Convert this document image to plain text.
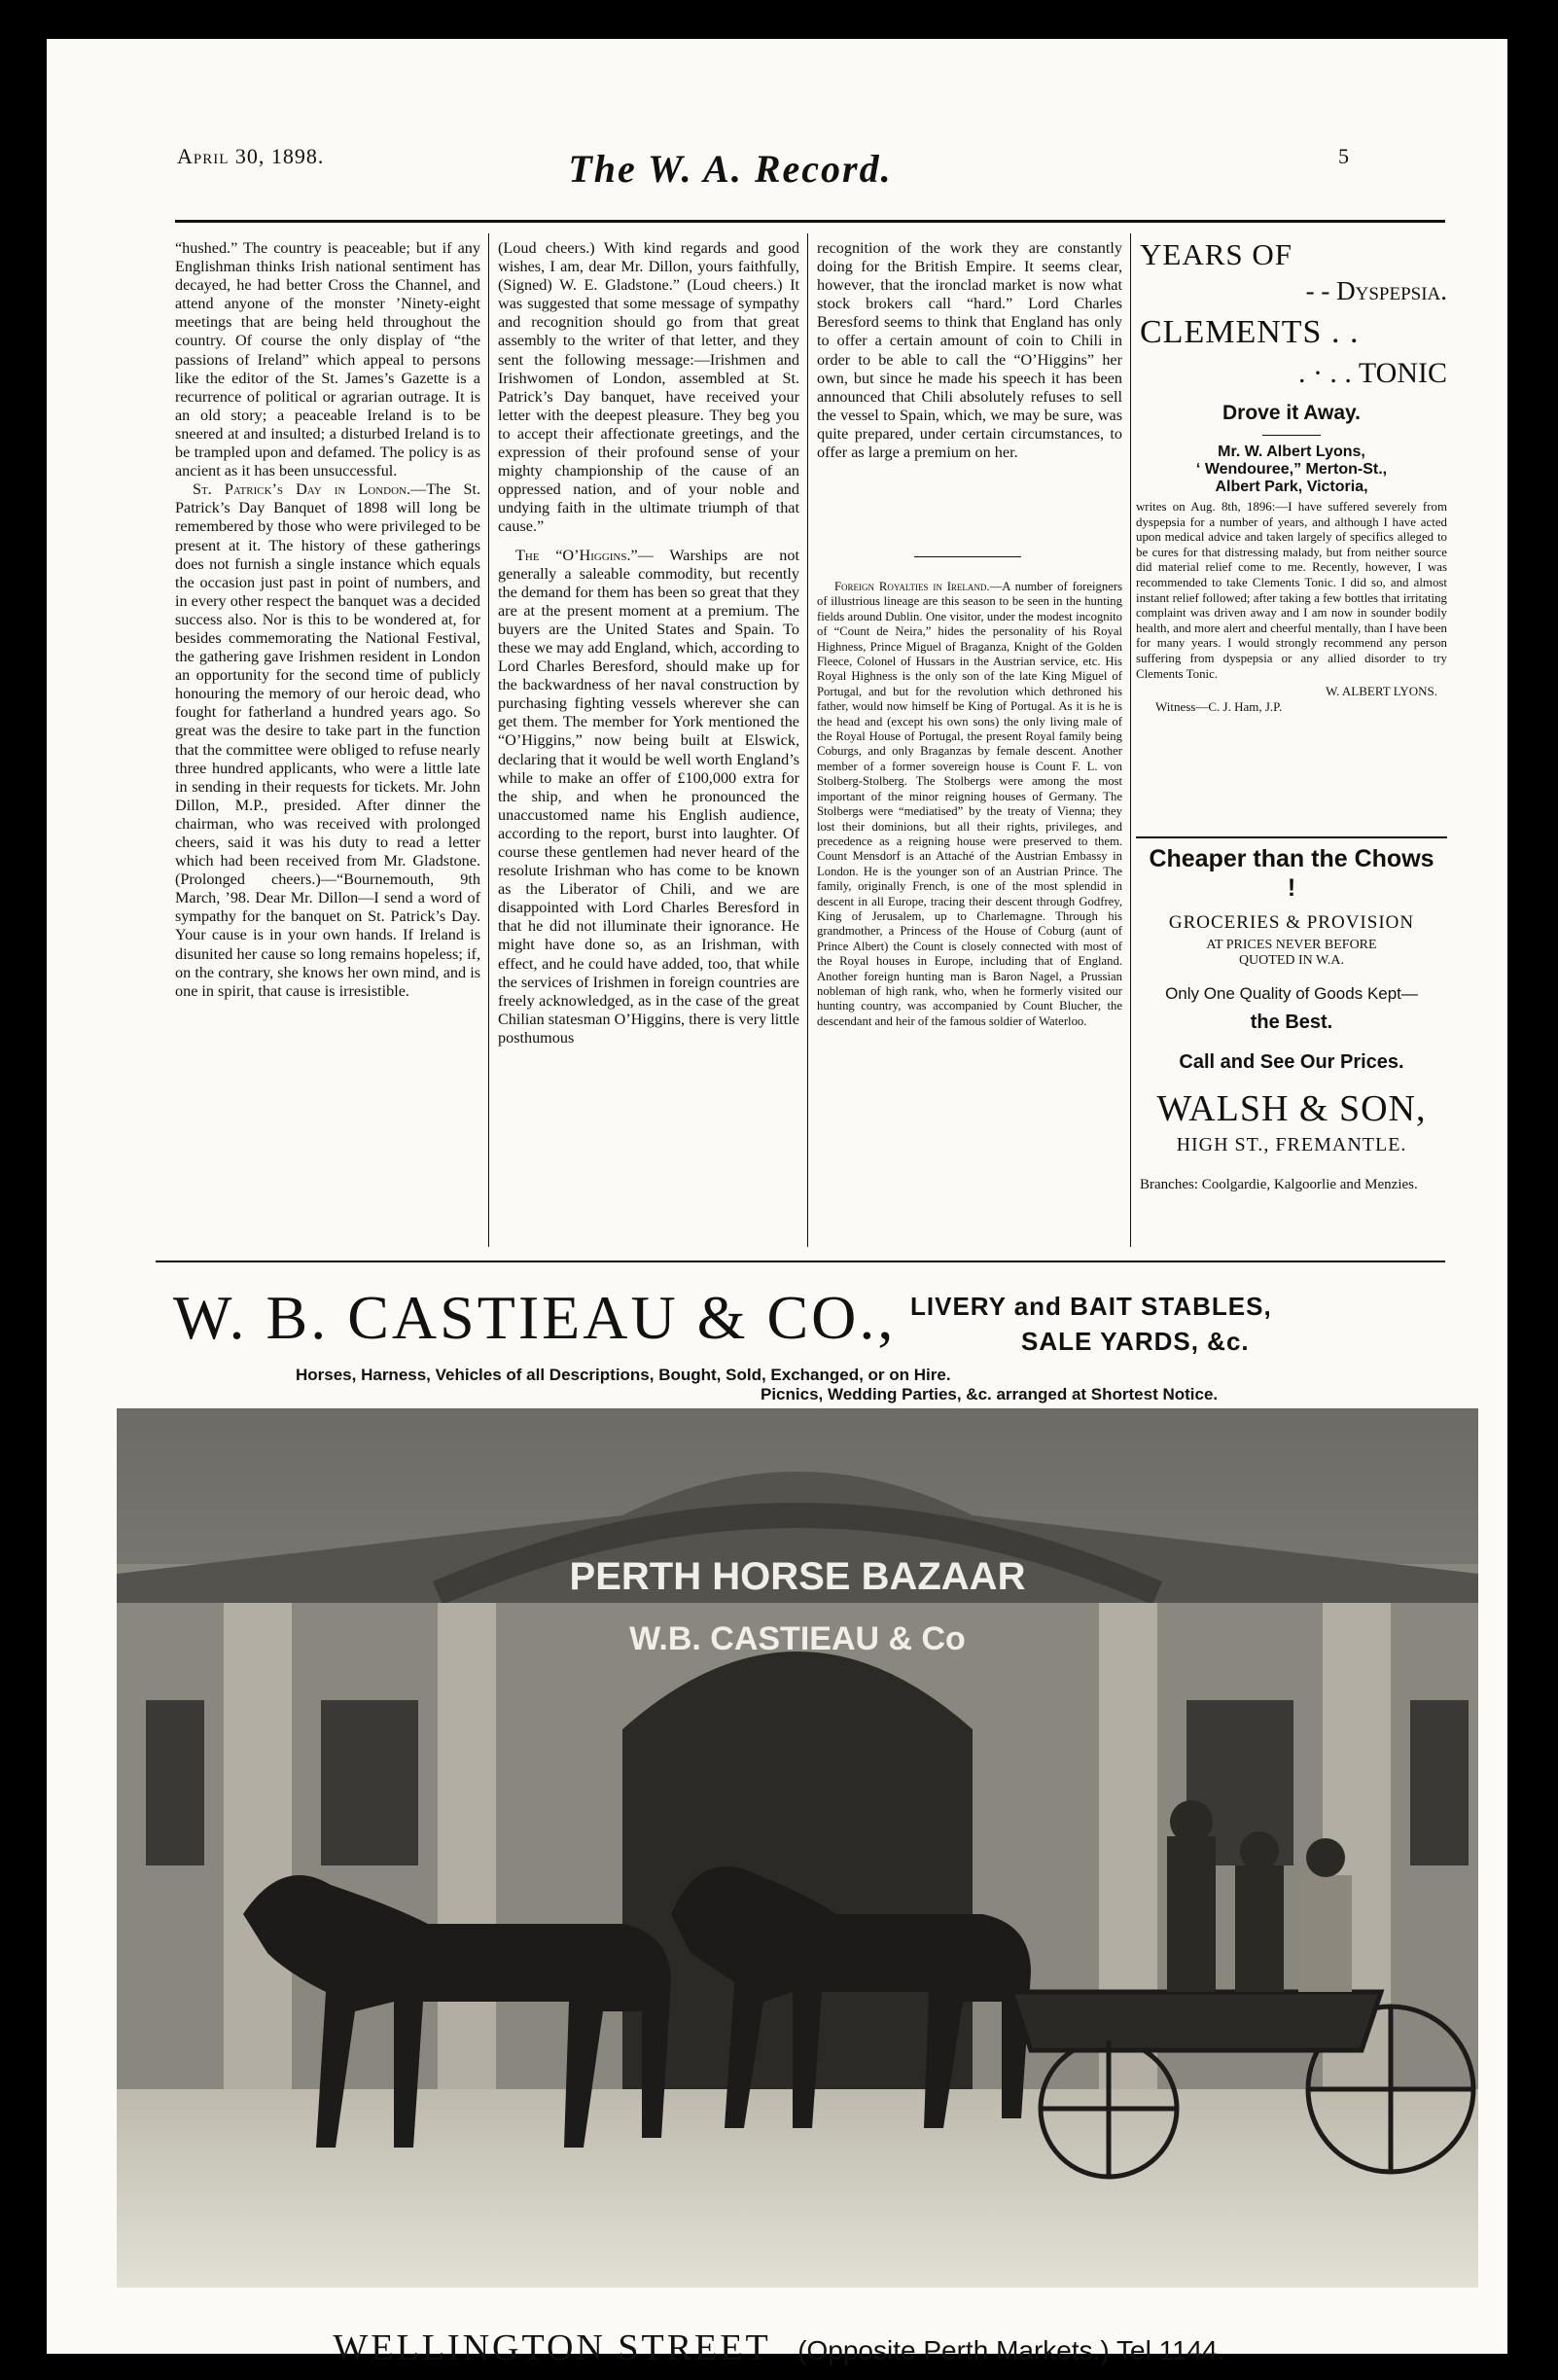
April 30, 1898.	The W. A. Record.	5

“hushed.” The country is peaceable; but if any Englishman thinks Irish national sentiment has decayed, he had better Cross the Channel, and attend anyone of the monster ’Ninety-eight meetings that are being held throughout the country. Of course the only display of “the passions of Ireland” which appeal to persons like the editor of the St. James’s Gazette is a recurrence of political or agrarian outrage. It is an old story; a peaceable Ireland is to be sneered at and insulted; a disturbed Ireland is to be trampled upon and defamed. The policy is as ancient as it has been unsuccessful.

St. Patrick’s Day in London.—The St. Patrick’s Day Banquet of 1898 will long be remembered by those who were privileged to be present at it. The history of these gatherings does not furnish a single instance which equals the occasion just past in point of numbers, and in every other respect the banquet was a decided success also. Nor is this to be wondered at, for besides commemorating the National Festival, the gathering gave Irishmen resident in London an opportunity for the second time of publicly honouring the memory of our heroic dead, who fought for fatherland a hundred years ago. So great was the desire to take part in the function that the committee were obliged to refuse nearly three hundred applicants, who were a little late in sending in their requests for tickets. Mr. John Dillon, M.P., presided. After dinner the chairman, who was received with prolonged cheers, said it was his duty to read a letter which had been received from Mr. Gladstone. (Prolonged cheers.)—“Bournemouth, 9th March, ’98. Dear Mr. Dillon—I send a word of sympathy for the banquet on St. Patrick’s Day. Your cause is in your own hands. If Ireland is disunited her cause so long remains hopeless; if, on the contrary, she knows her own mind, and is one in spirit, that cause is irresistible.

(Loud cheers.) With kind regards and good wishes, I am, dear Mr. Dillon, yours faithfully, (Signed) W. E. Gladstone.” (Loud cheers.) It was suggested that some message of sympathy and recognition should go from that great assembly to the writer of that letter, and they sent the following message:—Irishmen and Irishwomen of London, assembled at St. Patrick’s Day banquet, have received your letter with the deepest pleasure. They beg you to accept their affectionate greetings, and the expression of their profound sense of your mighty championship of the cause of an oppressed nation, and of your noble and undying faith in the ultimate triumph of that cause.”

The “O’Higgins.”— Warships are not generally a saleable commodity, but recently the demand for them has been so great that they are at the present moment at a premium. The buyers are the United States and Spain. To these we may add England, which, according to Lord Charles Beresford, should make up for the backwardness of her naval construction by purchasing fighting vessels wherever she can get them. The member for York mentioned the “O’Higgins,” now being built at Elswick, declaring that it would be well worth England’s while to make an offer of £100,000 extra for the ship, and when he pronounced the unaccustomed name his English audience, according to the report, burst into laughter. Of course these gentlemen had never heard of the resolute Irishman who has come to be known as the Liberator of Chili, and we are disappointed with Lord Charles Beresford in that he did not illuminate their ignorance. He might have done so, as an Irishman, with effect, and he could have added, too, that while the services of Irishmen in foreign countries are freely acknowledged, as in the case of the great Chilian statesman O’Higgins, there is very little posthumous

recognition of the work they are constantly doing for the British Empire. It seems clear, however, that the ironclad market is now what stock brokers call “hard.” Lord Charles Beresford seems to think that England has only to offer a certain amount of coin to Chili in order to be able to call the “O’Higgins” her own, but since he made his speech it has been announced that Chili absolutely refuses to sell the vessel to Spain, which, we may be sure, was quite prepared, under certain circumstances, to offer as large a premium on her.

Foreign Royalties in Ireland.—A number of foreigners of illustrious lineage are this season to be seen in the hunting fields around Dublin. One visitor, under the modest incognito of “Count de Neira,” hides the personality of his Royal Highness, Prince Miguel of Braganza, Knight of the Golden Fleece, Colonel of Hussars in the Austrian service, etc. His Royal Highness is the only son of the late King Miguel of Portugal, and but for the revolution which dethroned his father, would now himself be King of Portugal. As it is he is the head and (except his own sons) the only living male of the Royal House of Portugal, the present Royal family being Coburgs, and only Braganzas by female descent. Another member of a former sovereign house is Count F. L. von Stolberg-Stolberg. The Stolbergs were among the most important of the minor reigning houses of Germany. The Stolbergs were “mediatised” by the treaty of Vienna; they lost their dominions, but all their rights, privileges, and precedence as a reigning house were preserved to them. Count Mensdorf is an Attaché of the Austrian Embassy in London. He is the younger son of an Austrian Prince. The family, originally French, is one of the most splendid in descent in all Europe, tracing their descent through Godfrey, King of Jerusalem, up to Charlemagne. Through his grandmother, a Princess of the House of Coburg (aunt of Prince Albert) the Count is closely connected with most of the Royal houses in Europe, including that of England. Another foreign hunting man is Baron Nagel, a Prussian nobleman of high rank, who, when he formerly visited our hunting country, was accompanied by Count Blucher, the descendant and heir of the famous soldier of Waterloo.

YEARS OF
- - Dyspepsia.
CLEMENTS . .
. · . . TONIC
Drove it Away.
Mr. W. Albert Lyons,
‘ Wendouree,” Merton-St.,
Albert Park, Victoria,
writes on Aug. 8th, 1896:—I have suffered severely from dyspepsia for a number of years, and although I have acted upon medical advice and taken largely of specifics alleged to be cures for that distressing malady, but from neither source did material relief come to me. Recently, however, I was recommended to take Clements Tonic. I did so, and almost instant relief followed; after taking a few bottles that irritating complaint was driven away and I am now in sounder bodily health, and more alert and cheerful mentally, than I have been for many years. I would strongly recommend any person suffering from dyspepsia or any allied disorder to try Clements Tonic.
W. ALBERT LYONS.
Witness—C. J. Ham, J.P.
Cheaper than the Chows !
GROCERIES & PROVISION
AT PRICES NEVER BEFORE
QUOTED IN W.A.
Only One Quality of Goods Kept—
the Best.
Call and See Our Prices.
WALSH & SON,
HIGH ST., FREMANTLE.
Branches: Coolgardie, Kalgoorlie and Menzies.
W. B. CASTIEAU & CO., LIVERY and BAIT STABLES,
SALE YARDS, &c.
Horses, Harness, Vehicles of all Descriptions, Bought, Sold, Exchanged, or on Hire.
Picnics, Wedding Parties, &c. arranged at Shortest Notice.
PERTH HORSE BAZAAR
W.B. CASTIEAU & Co
WELLINGTON STREET (Opposite Perth Markets.) Tel 1144.
